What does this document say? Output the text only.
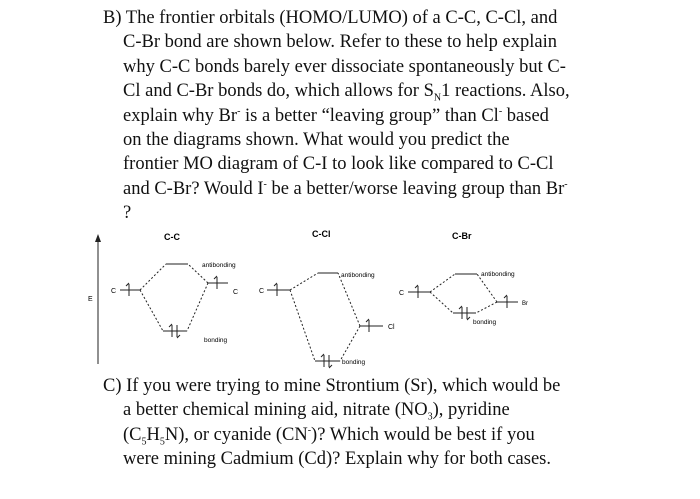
B) The frontier orbitals (HOMO/LUMO) of a C-C, C-Cl, and
C-Br bond are shown below. Refer to these to help explain
why C-C bonds barely ever dissociate spontaneously but C-
Cl and C-Br bonds do, which allows for $S_N1$ reactions. Also,
explain why Br- is a better “leaving group” than Cl- based
on the diagrams shown. What would you predict the
frontier MO diagram of C-I to look like compared to C-Cl
and C-Br? Would I- be a better/worse leaving group than Br-
?
E
C-C	C-Cl	C-Br
C	C
antibonding
bonding
C
Cl
antibonding
bonding
C
Br
antibonding
bonding
C) If you were trying to mine Strontium (Sr), which would be
a better chemical mining aid, nitrate $(NO_3)$, pyridine
$(C_5H_5N)$, or cyanide (CN-)? Which would be best if you
were mining Cadmium (Cd)? Explain why for both cases.
